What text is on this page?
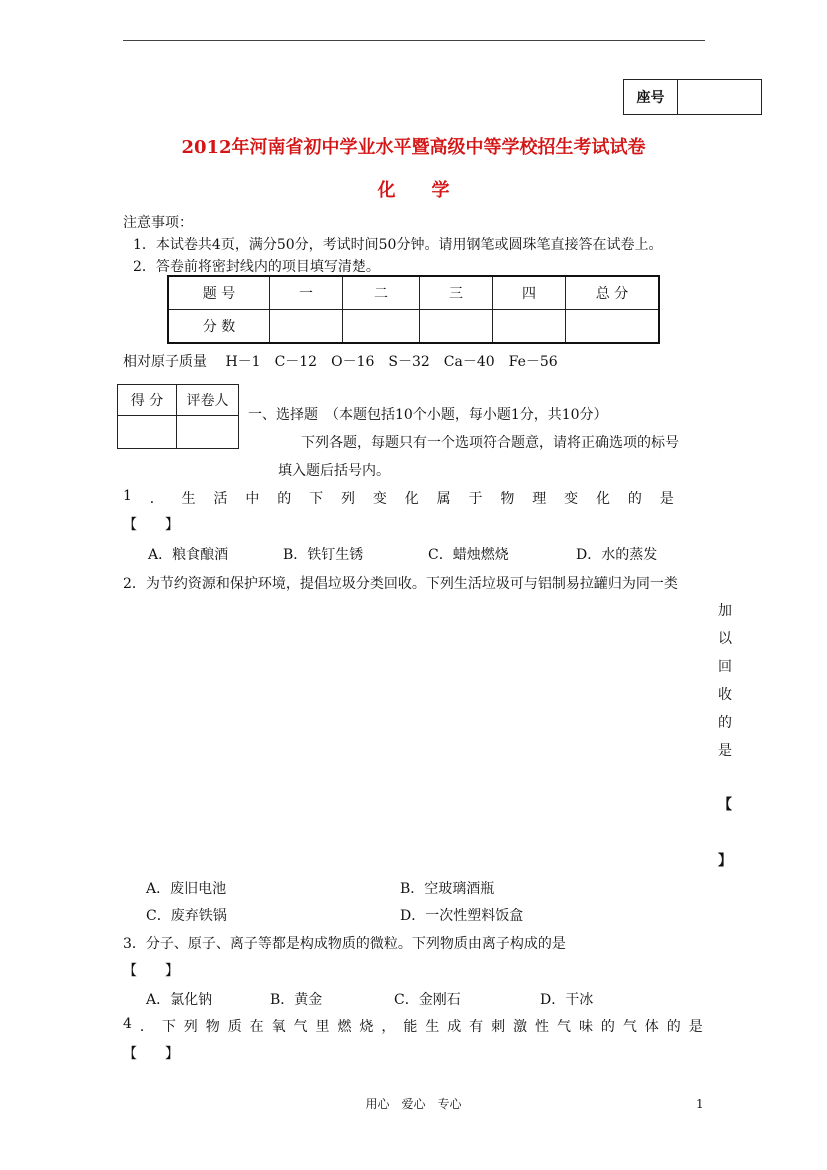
座号
2012年河南省初中学业水平暨高级中等学校招生考试试卷
化 学
注意事项：
1．本试卷共4页，满分50分，考试时间50分钟。请用钢笔或圆珠笔直接答在试卷上。
2．答卷前将密封线内的项目填写清楚。
题 号	一	二	三	四	总 分
分 数					
相对原子质量　 H－1　C－12　O－16　S－32　Ca－40　Fe－56
得 分	评卷人

一、选择题　（本题包括10个小题，每小题1分，共10分）
下列各题，每题只有一个选项符合题意，请将正确选项的标号
填入题后括号内。
1 ． 生 活 中 的 下 列 变 化 属 于 物 理 变 化 的 是
【　　】
A．粮食酿酒	B．铁钉生锈	C．蜡烛燃烧	D．水的蒸发
2．为节约资源和保护环境，提倡垃圾分类回收。下列生活垃圾可与铝制易拉罐归为同一类
加
以
回
收
的
是
【
】
A．废旧电池	B．空玻璃酒瓶
C．废弃铁锅	D．一次性塑料饭盒
3．分子、原子、离子等都是构成物质的微粒。下列物质由离子构成的是
【　　】
A．氯化钠	B．黄金	C．金刚石	D．干冰
4 ． 下 列 物 质 在 氧 气 里 燃 烧 ， 能 生 成 有 刺 激 性 气 味 的 气 体 的 是
【　　】
用心　爱心　专心	1
